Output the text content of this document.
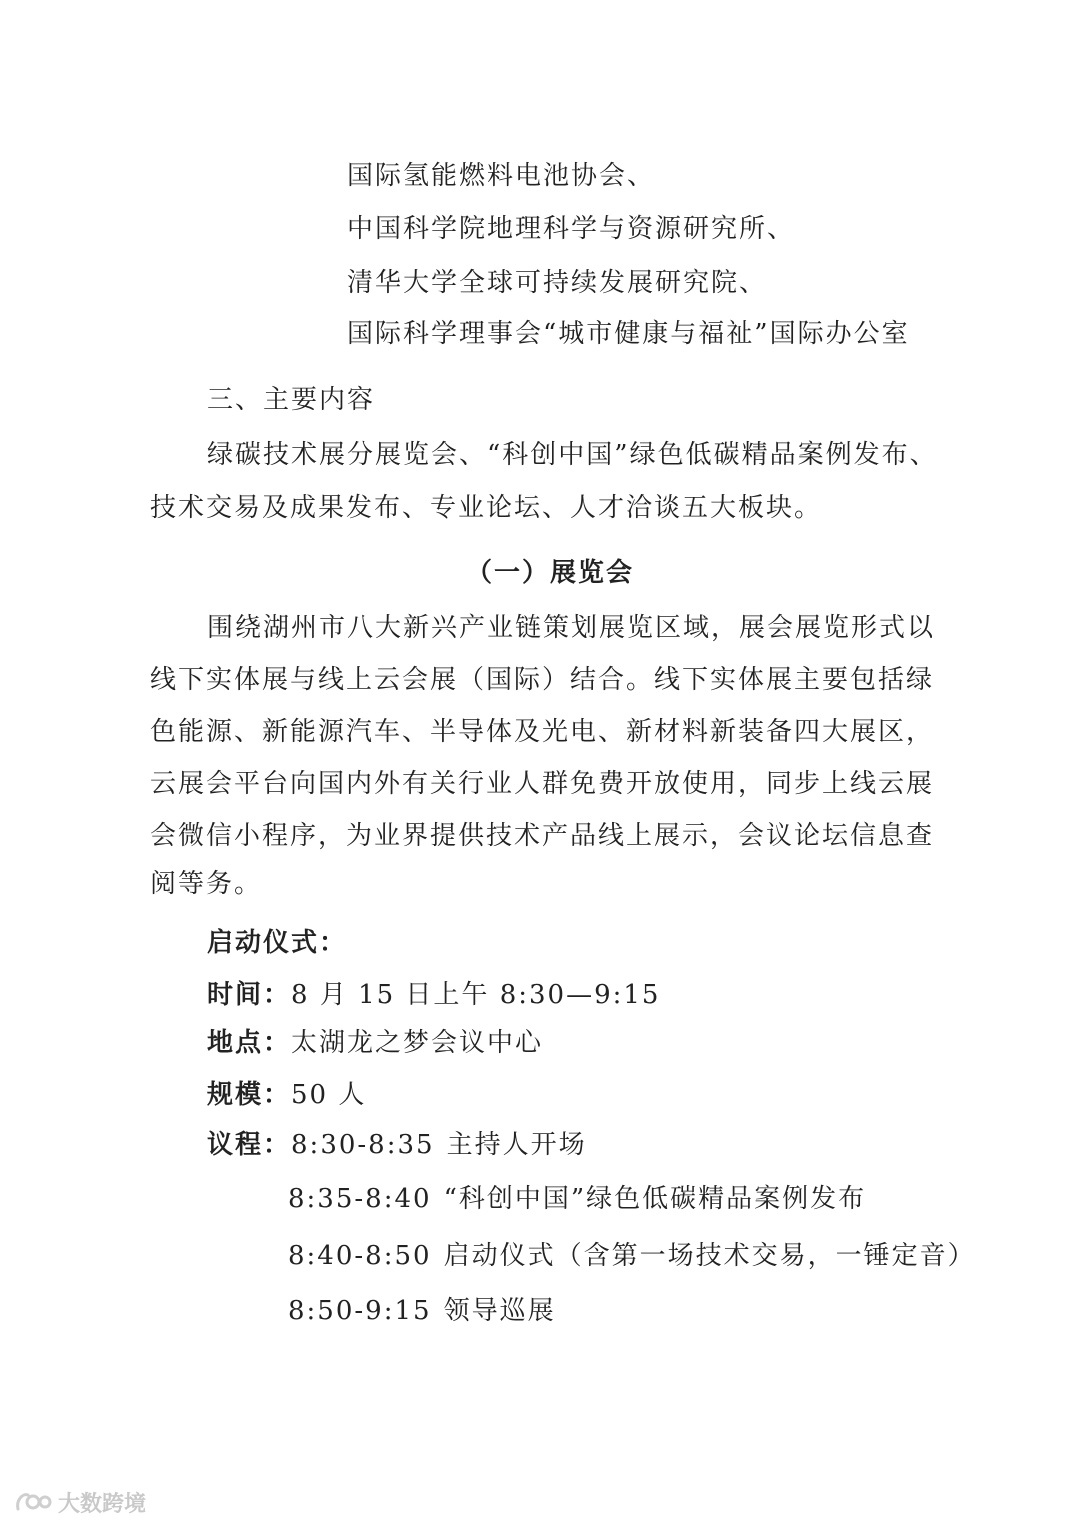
国际氢能燃料电池协会、
中国科学院地理科学与资源研究所、
清华大学全球可持续发展研究院、
国际科学理事会“城市健康与福祉”国际办公室
三、主要内容
绿碳技术展分展览会、“科创中国”绿色低碳精品案例发布、
技术交易及成果发布、专业论坛、人才洽谈五大板块。
（一）展览会
围绕湖州市八大新兴产业链策划展览区域，展会展览形式以
线下实体展与线上云会展（国际）结合。线下实体展主要包括绿
色能源、新能源汽车、半导体及光电、新材料新装备四大展区，
云展会平台向国内外有关行业人群免费开放使用，同步上线云展
会微信小程序，为业界提供技术产品线上展示，会议论坛信息查
阅等务。
启动仪式：
时间：8 月 15 日上午 8:30—9:15
地点：太湖龙之梦会议中心
规模：50 人
议程：8:30-8:35 主持人开场
8:35-8:40 “科创中国”绿色低碳精品案例发布
8:40-8:50 启动仪式（含第一场技术交易，一锤定音）
8:50-9:15 领导巡展
大数跨境
